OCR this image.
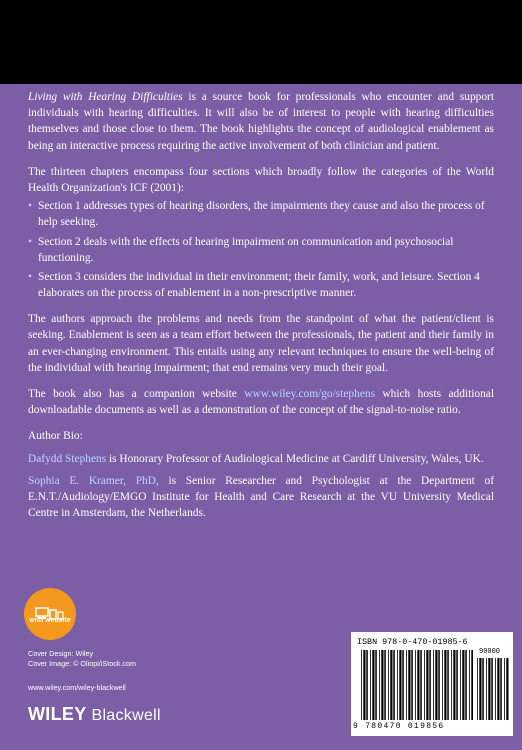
Living with Hearing Difficulties is a source book for professionals who encounter and support individuals with hearing difficulties. It will also be of interest to people with hearing difficulties themselves and those close to them. The book highlights the concept of audiological enablement as being an interactive process requiring the active involvement of both clinician and patient.

The thirteen chapters encompass four sections which broadly follow the categories of the World Health Organization's ICF (2001):

• Section 1 addresses types of hearing disorders, the impairments they cause and also the process of help seeking.
• Section 2 deals with the effects of hearing impairment on communication and psychosocial functioning.
• Section 3 considers the individual in their environment; their family, work, and leisure. Section 4 elaborates on the process of enablement in a non-prescriptive manner.

The authors approach the problems and needs from the standpoint of what the patient/client is seeking. Enablement is seen as a team effort between the professionals, the patient and their family in an ever-changing environment. This entails using any relevant techniques to ensure the well-being of the individual with hearing impairment; that end remains very much their goal.

The book also has a companion website www.wiley.com/go/stephens which hosts additional downloadable documents as well as a demonstration of the concept of the signal-to-noise ratio.

Author Bio:

Dafydd Stephens is Honorary Professor of Audiological Medicine at Cardiff University, Wales, UK.

Sophia E. Kramer, PhD, is Senior Researcher and Psychologist at the Department of E.N.T./Audiology/EMGO Institute for Health and Care Research at the VU University Medical Centre in Amsterdam, the Netherlands.

with website
Cover Design: Wiley
Cover Image: © Oliopi/iStock.com
www.wiley.com/wiley-blackwell
WILEY Blackwell
ISBN 978-0-470-01985-6
90000
9 780470 019856
